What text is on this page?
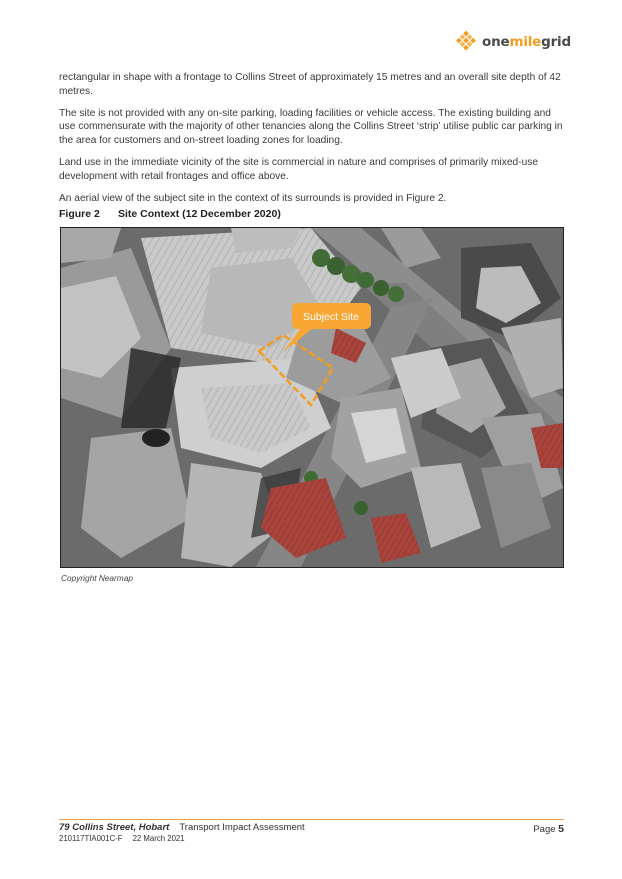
onemilegrid

rectangular in shape with a frontage to Collins Street of approximately 15 metres and an overall site depth of 42 metres.

The site is not provided with any on-site parking, loading facilities or vehicle access. The existing building and use commensurate with the majority of other tenancies along the Collins Street ‘strip’ utilise public car parking in the area for customers and on-street loading zones for loading.

Land use in the immediate vicinity of the site is commercial in nature and comprises of primarily mixed-use development with retail frontages and office above.

An aerial view of the subject site in the context of its surrounds is provided in Figure 2.

Figure 2	Site Context (12 December 2020)
Subject Site
Copyright Nearmap
79 Collins Street, Hobart Transport Impact Assessment
210117TIA001C-F 22 March 2021
Page 5
